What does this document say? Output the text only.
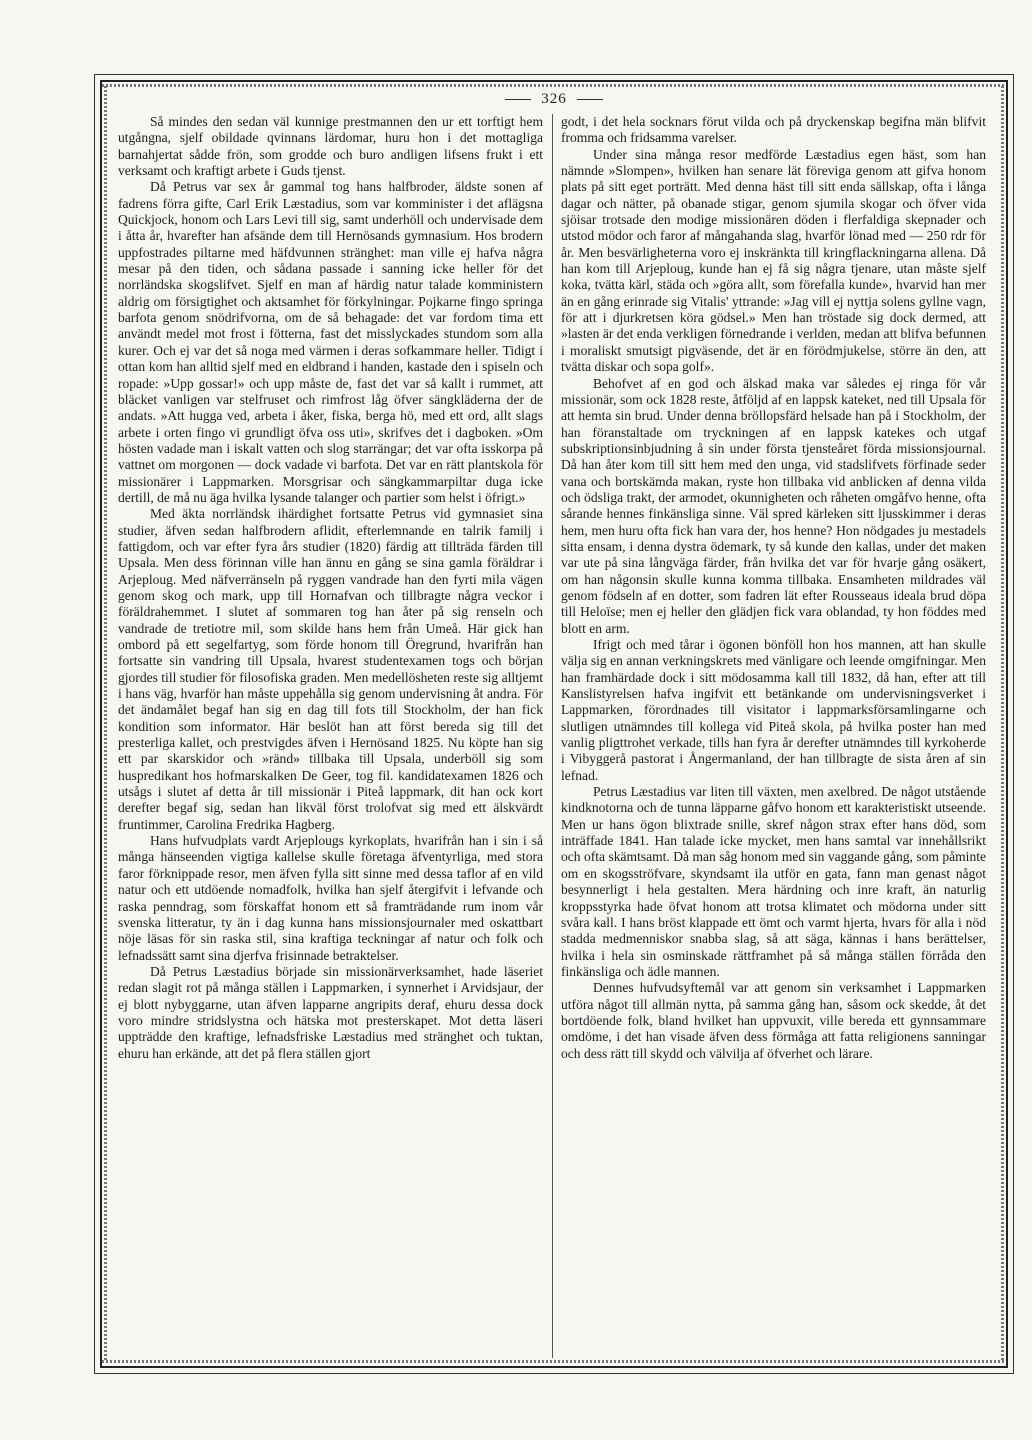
326

Så mindes den sedan väl kunnige prestmannen den ur ett torftigt hem utgångna, sjelf obildade qvinnans lärdomar, huru hon i det mottagliga barnahjertat sådde frön, som grodde och buro andligen lifsens frukt i ett verksamt och kraftigt arbete i Guds tjenst.

Då Petrus var sex år gammal tog hans halfbroder, äldste sonen af fadrens förra gifte, Carl Erik Læstadius, som var komminister i det aflägsna Quickjock, honom och Lars Levi till sig, samt underhöll och undervisade dem i åtta år, hvarefter han afsände dem till Hernösands gymnasium. Hos brodern uppfostrades piltarne med häfdvunnen stränghet: man ville ej hafva några mesar på den tiden, och sådana passade i sanning icke heller för det norrländska skogslifvet. Sjelf en man af härdig natur talade komministern aldrig om försigtighet och aktsamhet för förkylningar. Pojkarne fingo springa barfota genom snödrifvorna, om de så behagade: det var fordom tima ett användt medel mot frost i fötterna, fast det misslyckades stundom som alla kurer. Och ej var det så noga med värmen i deras sofkammare heller. Tidigt i ottan kom han alltid sjelf med en eldbrand i handen, kastade den i spiseln och ropade: »Upp gossar!» och upp måste de, fast det var så kallt i rummet, att bläcket vanligen var stelfruset och rimfrost låg öfver sängkläderna der de andats. »Att hugga ved, arbeta i åker, fiska, berga hö, med ett ord, allt slags arbete i orten fingo vi grundligt öfva oss uti», skrifves det i dagboken. »Om hösten vadade man i iskalt vatten och slog starrängar; det var ofta isskorpa på vattnet om morgonen — dock vadade vi barfota. Det var en rätt plantskola för missionärer i Lappmarken. Morsgrisar och sängkammarpiltar duga icke dertill, de må nu äga hvilka lysande talanger och partier som helst i öfrigt.»

Med äkta norrländsk ihärdighet fortsatte Petrus vid gymnasiet sina studier, äfven sedan halfbrodern aflidit, efterlemnande en talrik familj i fattigdom, och var efter fyra års studier (1820) färdig att tillträda färden till Upsala. Men dess förinnan ville han ännu en gång se sina gamla föräldrar i Arjeploug. Med näfverränseln på ryggen vandrade han den fyrti mila vägen genom skog och mark, upp till Hornafvan och tillbragte några veckor i föräldrahemmet. I slutet af sommaren tog han åter på sig renseln och vandrade de tretiotre mil, som skilde hans hem från Umeå. Här gick han ombord på ett segelfartyg, som förde honom till Öregrund, hvarifrån han fortsatte sin vandring till Upsala, hvarest studentexamen togs och början gjordes till studier för filosofiska graden. Men medellösheten reste sig alltjemt i hans väg, hvarför han måste uppehålla sig genom undervisning åt andra. För det ändamålet begaf han sig en dag till fots till Stockholm, der han fick kondition som informator. Här beslöt han att först bereda sig till det presterliga kallet, och prestvigdes äfven i Hernösand 1825. Nu köpte han sig ett par skarskidor och »ränd» tillbaka till Upsala, underböll sig som huspredikant hos hofmarskalken De Geer, tog fil. kandidatexamen 1826 och utsågs i slutet af detta år till missionär i Piteå lappmark, dit han ock kort derefter begaf sig, sedan han likväl först trolofvat sig med ett älskvärdt fruntimmer, Carolina Fredrika Hagberg.

Hans hufvudplats vardt Arjeplougs kyrkoplats, hvarifrån han i sin i så många hänseenden vigtiga kallelse skulle företaga äfventyrliga, med stora faror förknippade resor, men äfven fylla sitt sinne med dessa taflor af en vild natur och ett utdöende nomadfolk, hvilka han sjelf återgifvit i lefvande och raska penndrag, som förskaffat honom ett så framträdande rum inom vår svenska litteratur, ty än i dag kunna hans missionsjournaler med oskattbart nöje läsas för sin raska stil, sina kraftiga teckningar af natur och folk och lefnadssätt samt sina djerfva frisinnade betraktelser.

Då Petrus Læstadius började sin missionärverksamhet, hade läseriet redan slagit rot på många ställen i Lappmarken, i synnerhet i Arvidsjaur, der ej blott nybyggarne, utan äfven lapparne angripits deraf, ehuru dessa dock voro mindre stridslystna och hätska mot presterskapet. Mot detta läseri uppträdde den kraftige, lefnadsfriske Læstadius med stränghet och tuktan, ehuru han erkände, att det på flera ställen gjort

godt, i det hela socknars förut vilda och på dryckenskap begifna män blifvit fromma och fridsamma varelser.

Under sina många resor medförde Læstadius egen häst, som han nämnde »Slompen», hvilken han senare lät föreviga genom att gifva honom plats på sitt eget porträtt. Med denna häst till sitt enda sällskap, ofta i långa dagar och nätter, på obanade stigar, genom sjumila skogar och öfver vida sjöisar trotsade den modige missionären döden i flerfaldiga skepnader och utstod mödor och faror af mångahanda slag, hvarför lönad med — 250 rdr för år. Men besvärligheterna voro ej inskränkta till kringflackningarna allena. Då han kom till Arjeploug, kunde han ej få sig några tjenare, utan måste sjelf koka, tvätta kärl, städa och »göra allt, som förefalla kunde», hvarvid han mer än en gång erinrade sig Vitalis' yttrande: »Jag vill ej nyttja solens gyllne vagn, för att i djurkretsen köra gödsel.» Men han tröstade sig dock dermed, att »lasten är det enda verkligen förnedrande i verlden, medan att blifva befunnen i moraliskt smutsigt pigväsende, det är en förödmjukelse, större än den, att tvätta diskar och sopa golf».

Behofvet af en god och älskad maka var således ej ringa för vår missionär, som ock 1828 reste, åtföljd af en lappsk kateket, ned till Upsala för att hemta sin brud. Under denna bröllopsfärd helsade han på i Stockholm, der han föranstaltade om tryckningen af en lappsk katekes och utgaf subskriptionsinbjudning å sin under första tjensteåret förda missionsjournal. Då han åter kom till sitt hem med den unga, vid stadslifvets förfinade seder vana och bortskämda makan, ryste hon tillbaka vid anblicken af denna vilda och ödsliga trakt, der armodet, okunnigheten och råheten omgåfvo henne, ofta sårande hennes finkänsliga sinne. Väl spred kärleken sitt ljusskimmer i deras hem, men huru ofta fick han vara der, hos henne? Hon nödgades ju mestadels sitta ensam, i denna dystra ödemark, ty så kunde den kallas, under det maken var ute på sina långväga färder, från hvilka det var för hvarje gång osäkert, om han någonsin skulle kunna komma tillbaka. Ensamheten mildrades väl genom födseln af en dotter, som fadren lät efter Rousseaus ideala brud döpa till Heloïse; men ej heller den glädjen fick vara oblandad, ty hon föddes med blott en arm.

Ifrigt och med tårar i ögonen bönföll hon hos mannen, att han skulle välja sig en annan verkningskrets med vänligare och leende omgifningar. Men han framhärdade dock i sitt mödosamma kall till 1832, då han, efter att till Kanslistyrelsen hafva ingifvit ett betänkande om undervisningsverket i Lappmarken, förordnades till visitator i lappmarksförsamlingarne och slutligen utnämndes till kollega vid Piteå skola, på hvilka poster han med vanlig pligttrohet verkade, tills han fyra år derefter utnämndes till kyrkoherde i Vibyggerå pastorat i Ångermanland, der han tillbragte de sista åren af sin lefnad.

Petrus Læstadius var liten till växten, men axelbred. De något utstående kindknotorna och de tunna läpparne gåfvo honom ett karakteristiskt utseende. Men ur hans ögon blixtrade snille, skref någon strax efter hans död, som inträffade 1841. Han talade icke mycket, men hans samtal var innehållsrikt och ofta skämtsamt. Då man såg honom med sin vaggande gång, som påminte om en skogsströfvare, skyndsamt ila utför en gata, fann man genast något besynnerligt i hela gestalten. Mera härdning och inre kraft, än naturlig kroppsstyrka hade öfvat honom att trotsa klimatet och mödorna under sitt svåra kall. I hans bröst klappade ett ömt och varmt hjerta, hvars för alla i nöd stadda medmenniskor snabba slag, så att säga, kännas i hans berättelser, hvilka i hela sin osminskade rättframhet på så många ställen förråda den finkänsliga och ädle mannen.

Dennes hufvudsyftemål var att genom sin verksamhet i Lappmarken utföra något till allmän nytta, på samma gång han, såsom ock skedde, åt det bortdöende folk, bland hvilket han uppvuxit, ville bereda ett gynnsammare omdöme, i det han visade äfven dess förmåga att fatta religionens sanningar och dess rätt till skydd och välvilja af öfverhet och lärare.
